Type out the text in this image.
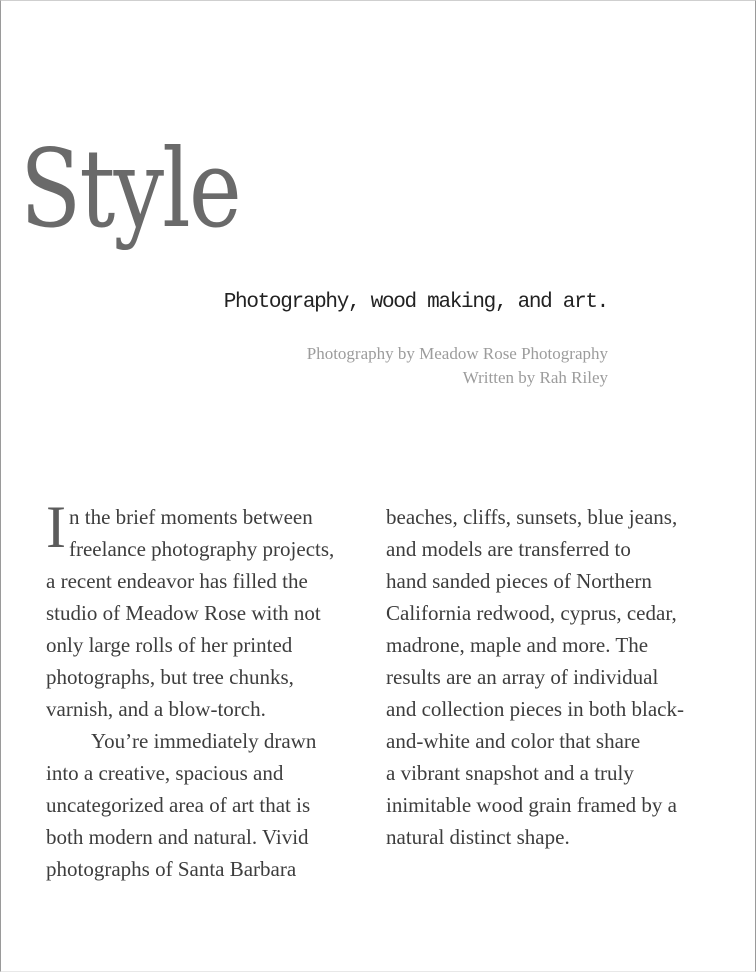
Style
Photography, wood making, and art.
Photography by Meadow Rose Photography
Written by Rah Riley
I n the brief moments between
freelance photography projects,
a recent endeavor has filled the
studio of Meadow Rose with not
only large rolls of her printed
photographs, but tree chunks,
varnish, and a blow-torch.
You’re immediately drawn
into a creative, spacious and
uncategorized area of art that is
both modern and natural. Vivid
photographs of Santa Barbara
beaches, cliffs, sunsets, blue jeans,
and models are transferred to
hand sanded pieces of Northern
California redwood, cyprus, cedar,
madrone, maple and more. The
results are an array of individual
and collection pieces in both black-
and-white and color that share
a vibrant snapshot and a truly
inimitable wood grain framed by a
natural distinct shape.
